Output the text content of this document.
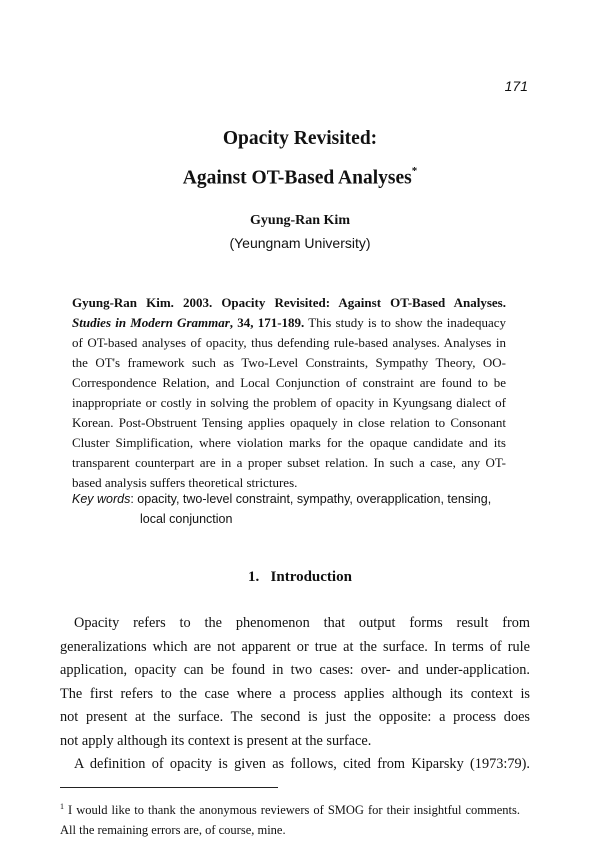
171
Opacity Revisited:
Against OT-Based Analyses*
Gyung-Ran Kim
(Yeungnam University)
Gyung-Ran Kim. 2003. Opacity Revisited: Against OT-Based Analyses. Studies in Modern Grammar, 34, 171-189. This study is to show the inadequacy of OT-based analyses of opacity, thus defending rule-based analyses. Analyses in the OT's framework such as Two-Level Constraints, Sympathy Theory, OO-Correspondence Relation, and Local Conjunction of constraint are found to be inappropriate or costly in solving the problem of opacity in Kyungsang dialect of Korean. Post-Obstruent Tensing applies opaquely in close relation to Consonant Cluster Simplification, where violation marks for the opaque candidate and its transparent counterpart are in a proper subset relation. In such a case, any OT-based analysis suffers theoretical strictures.
Key words: opacity, two-level constraint, sympathy, overapplication, tensing,
local conjunction
1. Introduction
Opacity refers to the phenomenon that output forms result from
generalizations which are not apparent or true at the surface. In terms of rule
application, opacity can be found in two cases: over- and under-application.
The first refers to the case where a process applies although its context is
not present at the surface. The second is just the opposite: a process does
not apply although its context is present at the surface.
A definition of opacity is given as follows, cited from Kiparsky (1973:79).
$^1$ I would like to thank the anonymous reviewers of SMOG for their insightful comments. All the remaining errors are, of course, mine.
